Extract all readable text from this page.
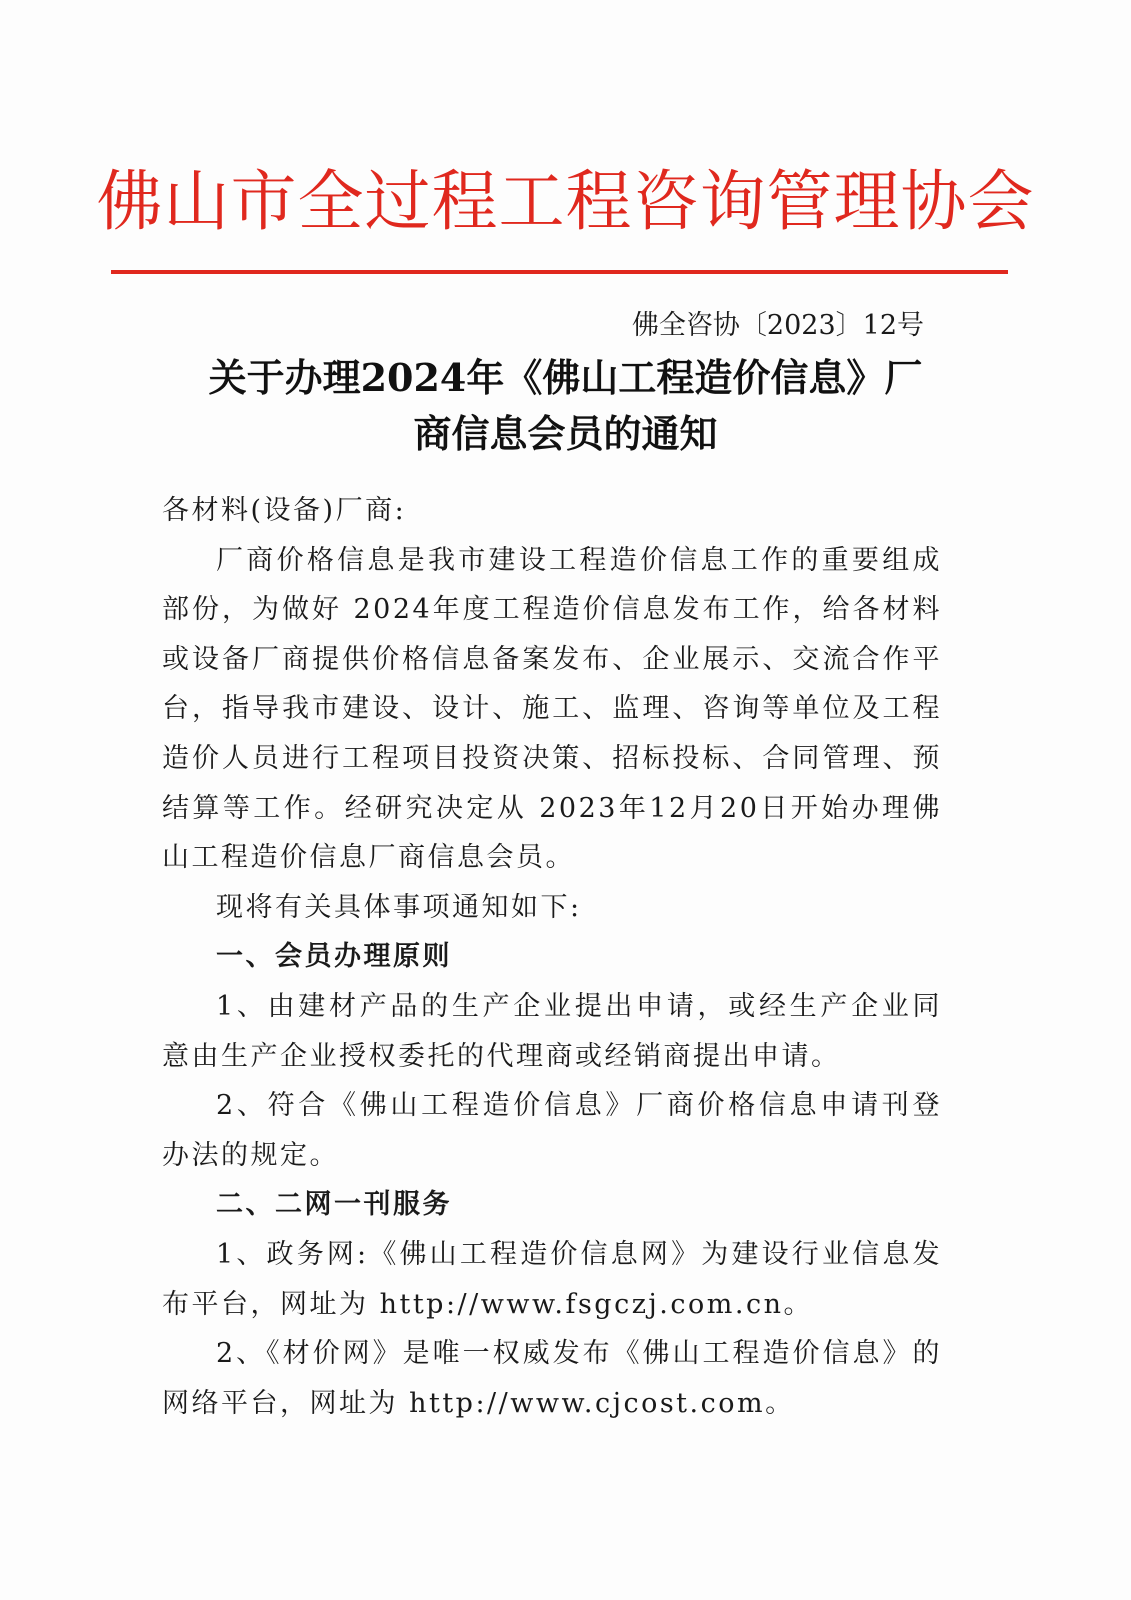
佛山市全过程工程咨询管理协会
佛全咨协〔2023〕12号
关于办理2024年《佛山工程造价信息》厂
商信息会员的通知

各材料(设备)厂商:

厂商价格信息是我市建设工程造价信息工作的重要组成部份，为做好 2024年度工程造价信息发布工作，给各材料或设备厂商提供价格信息备案发布、企业展示、交流合作平台，指导我市建设、设计、施工、监理、咨询等单位及工程造价人员进行工程项目投资决策、招标投标、合同管理、预结算等工作。经研究决定从 2023年12月20日开始办理佛山工程造价信息厂商信息会员。

现将有关具体事项通知如下:

一、会员办理原则

1、由建材产品的生产企业提出申请，或经生产企业同意由生产企业授权委托的代理商或经销商提出申请。

2、符合《佛山工程造价信息》厂商价格信息申请刊登办法的规定。

二、二网一刊服务

1、政务网:《佛山工程造价信息网》为建设行业信息发布平台，网址为 http://www.fsgczj.com.cn。

2、《材价网》是唯一权威发布《佛山工程造价信息》的网络平台，网址为 http://www.cjcost.com。
